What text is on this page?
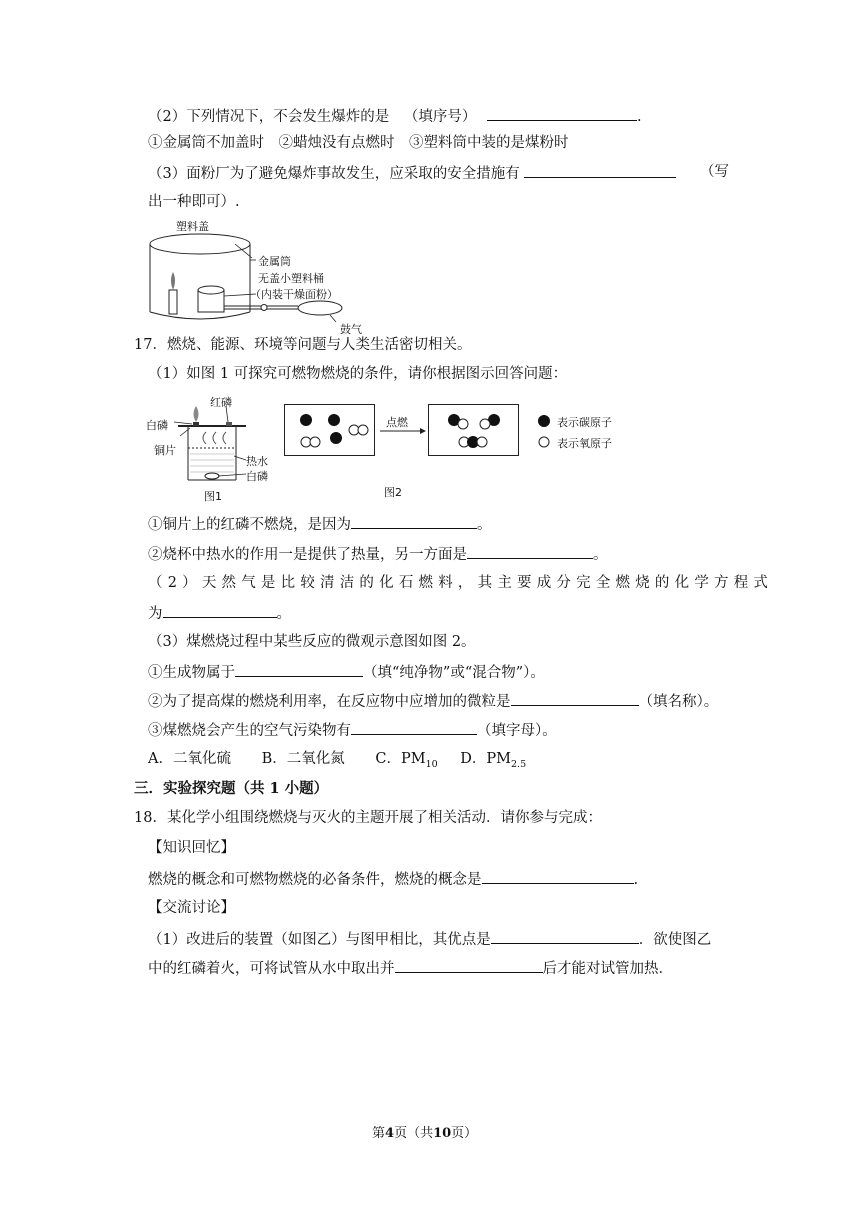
（2）下列情况下，不会发生爆炸的是 （填序号）	.
①金属筒不加盖时　②蜡烛没有点燃时　③塑料筒中装的是煤粉时
（3）面粉厂为了避免爆炸事故发生，应采取的安全措施有	（写
出一种即可）.
塑料盖
金属筒
无盖小塑料桶
（内装干燥面粉）
鼓气
17．燃烧、能源、环境等问题与人类生活密切相关。
（1）如图 1 可探究可燃物燃烧的条件，请你根据图示回答问题：
白磷
红磷
铜片
热水
白磷
图1
点燃	表示碳原子
表示氧原子
图2
①铜片上的红磷不燃烧，是因为	。
②烧杯中热水的作用一是提供了热量，另一方面是	。
（2）天然气是比较清洁的化石燃料，其主要成分完全燃烧的化学方程式
为	。
（3）煤燃烧过程中某些反应的微观示意图如图 2。
①生成物属于	（填“纯净物”或“混合物”）。
②为了提高煤的燃烧利用率，在反应物中应增加的微粒是	（填名称）。
③煤燃烧会产生的空气污染物有	（填字母）。
A．二氧化硫 B．二氧化氮 C．$PM_{10}$ D．$PM_{2.5}$
三．实验探究题（共 1 小题）
18．某化学小组围绕燃烧与灭火的主题开展了相关活动．请你参与完成：
【知识回忆】
燃烧的概念和可燃物燃烧的必备条件，燃烧的概念是	.
【交流讨论】
（1）改进后的装置（如图乙）与图甲相比，其优点是	．欲使图乙
中的红磷着火，可将试管从水中取出并	后才能对试管加热．
第4页（共10页）
